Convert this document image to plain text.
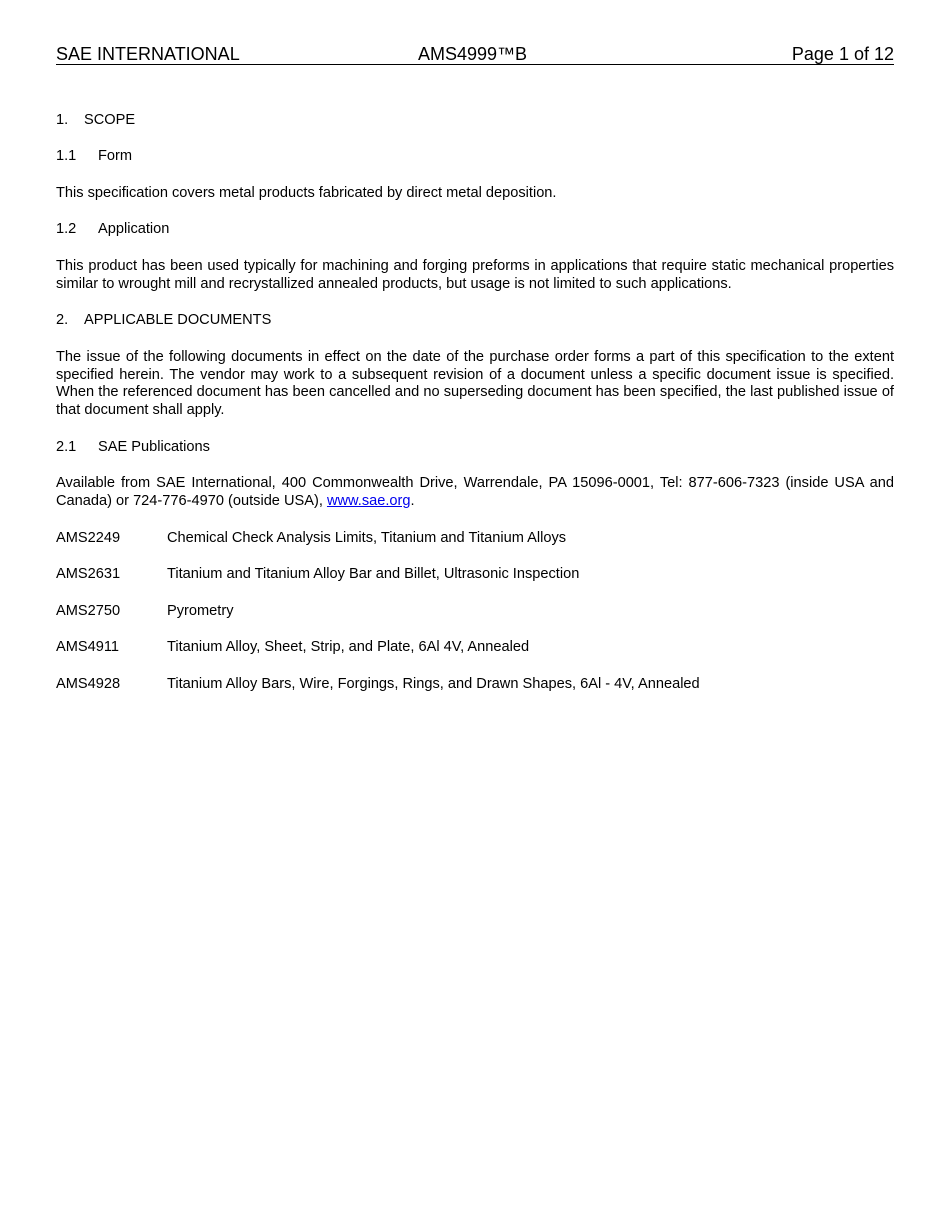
SAE INTERNATIONAL	AMS4999™B	Page 1 of 12
1. SCOPE
1.1 Form
This specification covers metal products fabricated by direct metal deposition.
1.2 Application
This product has been used typically for machining and forging preforms in applications that require static mechanical properties similar to wrought mill and recrystallized annealed products, but usage is not limited to such applications.
2. APPLICABLE DOCUMENTS
The issue of the following documents in effect on the date of the purchase order forms a part of this specification to the extent specified herein. The vendor may work to a subsequent revision of a document unless a specific document issue is specified. When the referenced document has been cancelled and no superseding document has been specified, the last published issue of that document shall apply.
2.1 SAE Publications
Available from SAE International, 400 Commonwealth Drive, Warrendale, PA 15096-0001, Tel: 877-606-7323 (inside USA and Canada) or 724-776-4970 (outside USA), www.sae.org.
AMS2249	Chemical Check Analysis Limits, Titanium and Titanium Alloys
AMS2631	Titanium and Titanium Alloy Bar and Billet, Ultrasonic Inspection
AMS2750	Pyrometry
AMS4911	Titanium Alloy, Sheet, Strip, and Plate, 6Al 4V, Annealed
AMS4928	Titanium Alloy Bars, Wire, Forgings, Rings, and Drawn Shapes, 6Al - 4V, Annealed
